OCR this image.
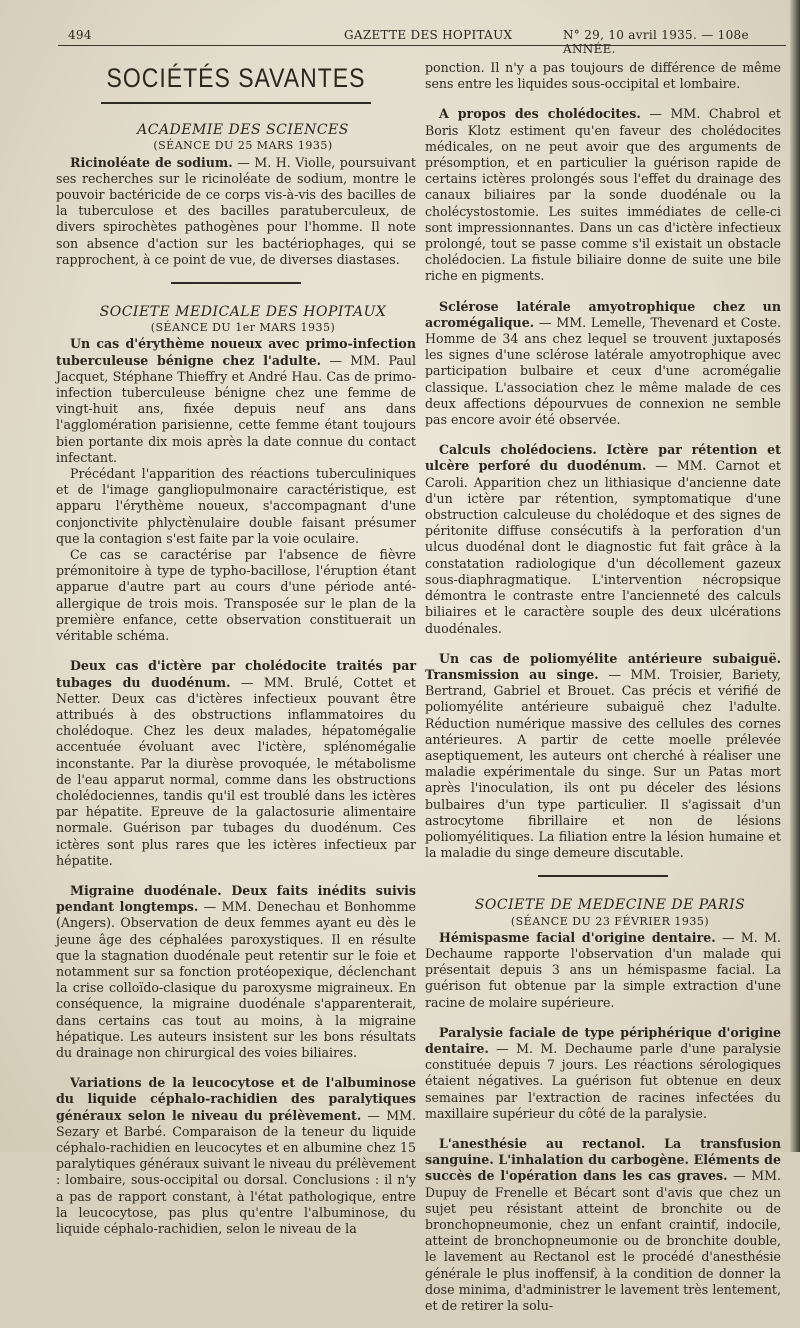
494	GAZETTE DES HOPITAUX	N° 29, 10 avril 1935. — 108e ANNÉE.
SOCIÉTÉS SAVANTES

ACADEMIE DES SCIENCES

(SÉANCE DU 25 MARS 1935)

Ricinoléate de sodium. — M. H. Violle, poursuivant ses recherches sur le ricinoléate de sodium, montre le pouvoir bactéricide de ce corps vis-à-vis des bacilles de la tuberculose et des bacilles paratuberculeux, de divers spirochètes pathogènes pour l'homme. Il note son absence d'action sur les bactériophages, qui se rapprochent, à ce point de vue, de diverses diastases.

SOCIETE MEDICALE DES HOPITAUX

(SÉANCE DU 1er MARS 1935)

Un cas d'érythème noueux avec primo-infection tuberculeuse bénigne chez l'adulte. — MM. Paul Jacquet, Stéphane Thieffry et André Hau. Cas de primo-infection tuberculeuse bénigne chez une femme de vingt-huit ans, fixée depuis neuf ans dans l'agglomération parisienne, cette femme étant toujours bien portante dix mois après la date connue du contact infectant.

Précédant l'apparition des réactions tuberculiniques et de l'image gangliopulmonaire caractéristique, est apparu l'érythème noueux, s'accompagnant d'une conjonctivite phlyctènulaire double faisant présumer que la contagion s'est faite par la voie oculaire.

Ce cas se caractérise par l'absence de fièvre prémonitoire à type de typho-bacillose, l'éruption étant apparue d'autre part au cours d'une période anté-allergique de trois mois. Transposée sur le plan de la première enfance, cette observation constituerait un véritable schéma.

Deux cas d'ictère par cholédocite traités par tubages du duodénum. — MM. Brulé, Cottet et Netter. Deux cas d'ictères infectieux pouvant être attribués à des obstructions inflammatoires du cholédoque. Chez les deux malades, hépatomégalie accentuée évoluant avec l'ictère, splénomégalie inconstante. Par la diurèse provoquée, le métabolisme de l'eau apparut normal, comme dans les obstructions cholédociennes, tandis qu'il est troublé dans les ictères par hépatite. Epreuve de la galactosurie alimentaire normale. Guérison par tubages du duodénum. Ces ictères sont plus rares que les ictères infectieux par hépatite.

Migraine duodénale. Deux faits inédits suivis pendant longtemps. — MM. Denechau et Bonhomme (Angers). Observation de deux femmes ayant eu dès le jeune âge des céphalées paroxystiques. Il en résulte que la stagnation duodénale peut retentir sur le foie et notamment sur sa fonction protéopexique, déclenchant la crise colloïdo-clasique du paroxysme migraineux. En conséquence, la migraine duodénale s'apparenterait, dans certains cas tout au moins, à la migraine hépatique. Les auteurs insistent sur les bons résultats du drainage non chirurgical des voies biliaires.

Variations de la leucocytose et de l'albuminose du liquide céphalo-rachidien des paralytiques généraux selon le niveau du prélèvement. — MM. Sezary et Barbé. Comparaison de la teneur du liquide céphalo-rachidien en leucocytes et en albumine chez 15 paralytiques généraux suivant le niveau du prélèvement : lombaire, sous-occipital ou dorsal. Conclusions : il n'y a pas de rapport constant, à l'état pathologique, entre la leucocytose, pas plus qu'entre l'albuminose, du liquide céphalo-rachidien, selon le niveau de la

ponction. Il n'y a pas toujours de différence de même sens entre les liquides sous-occipital et lombaire.

A propos des cholédocites. — MM. Chabrol et Boris Klotz estiment qu'en faveur des cholédocites médicales, on ne peut avoir que des arguments de présomption, et en particulier la guérison rapide de certains ictères prolongés sous l'effet du drainage des canaux biliaires par la sonde duodénale ou la cholécystostomie. Les suites immédiates de celle-ci sont impressionnantes. Dans un cas d'ictère infectieux prolongé, tout se passe comme s'il existait un obstacle cholédocien. La fistule biliaire donne de suite une bile riche en pigments.

Sclérose latérale amyotrophique chez un acromégalique. — MM. Lemelle, Thevenard et Coste. Homme de 34 ans chez lequel se trouvent juxtaposés les signes d'une sclérose latérale amyotrophique avec participation bulbaire et ceux d'une acromégalie classique. L'association chez le même malade de ces deux affections dépourvues de connexion ne semble pas encore avoir été observée.

Calculs cholédociens. Ictère par rétention et ulcère perforé du duodénum. — MM. Carnot et Caroli. Apparition chez un lithiasique d'ancienne date d'un ictère par rétention, symptomatique d'une obstruction calculeuse du cholédoque et des signes de péritonite diffuse consécutifs à la perforation d'un ulcus duodénal dont le diagnostic fut fait grâce à la constatation radiologique d'un décollement gazeux sous-diaphragmatique. L'intervention nécropsique démontra le contraste entre l'ancienneté des calculs biliaires et le caractère souple des deux ulcérations duodénales.

Un cas de poliomyélite antérieure subaiguë. Transmission au singe. — MM. Troisier, Bariety, Bertrand, Gabriel et Brouet. Cas précis et vérifié de poliomyélite antérieure subaiguë chez l'adulte. Réduction numérique massive des cellules des cornes antérieures. A partir de cette moelle prélevée aseptiquement, les auteurs ont cherché à réaliser une maladie expérimentale du singe. Sur un Patas mort après l'inoculation, ils ont pu déceler des lésions bulbaires d'un type particulier. Il s'agissait d'un astrocytome fibrillaire et non de lésions poliomyélitiques. La filiation entre la lésion humaine et la maladie du singe demeure discutable.

SOCIETE DE MEDECINE DE PARIS

(SÉANCE DU 23 FÉVRIER 1935)

Hémispasme facial d'origine dentaire. — M. M. Dechaume rapporte l'observation d'un malade qui présentait depuis 3 ans un hémispasme facial. La guérison fut obtenue par la simple extraction d'une racine de molaire supérieure.

Paralysie faciale de type périphérique d'origine dentaire. — M. M. Dechaume parle d'une paralysie constituée depuis 7 jours. Les réactions sérologiques étaient négatives. La guérison fut obtenue en deux semaines par l'extraction de racines infectées du maxillaire supérieur du côté de la paralysie.

L'anesthésie au rectanol. La transfusion sanguine. L'inhalation du carbogène. Eléments de succès de l'opération dans les cas graves. — MM. Dupuy de Frenelle et Bécart sont d'avis que chez un sujet peu résistant atteint de bronchite ou de bronchopneumonie, chez un enfant craintif, indocile, atteint de bronchopneumonie ou de bronchite double, le lavement au Rectanol est le procédé d'anesthésie générale le plus inoffensif, à la condition de donner la dose minima, d'administrer le lavement très lentement, et de retirer la solu-
